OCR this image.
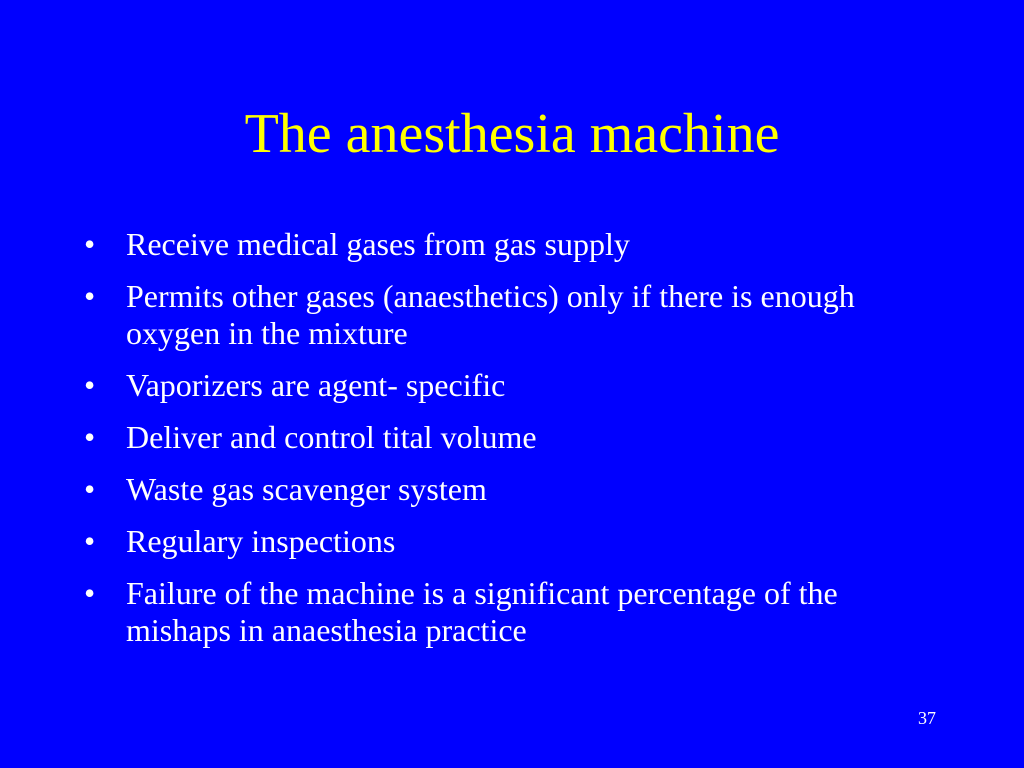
The anesthesia machine
• Receive medical gases from gas supply
• Permits other gases (anaesthetics) only if there is enough oxygen in the mixture
• Vaporizers are agent- specific
• Deliver and control tital volume
• Waste gas scavenger system
• Regulary inspections
• Failure of the machine is a significant percentage of the mishaps in anaesthesia practice
37
